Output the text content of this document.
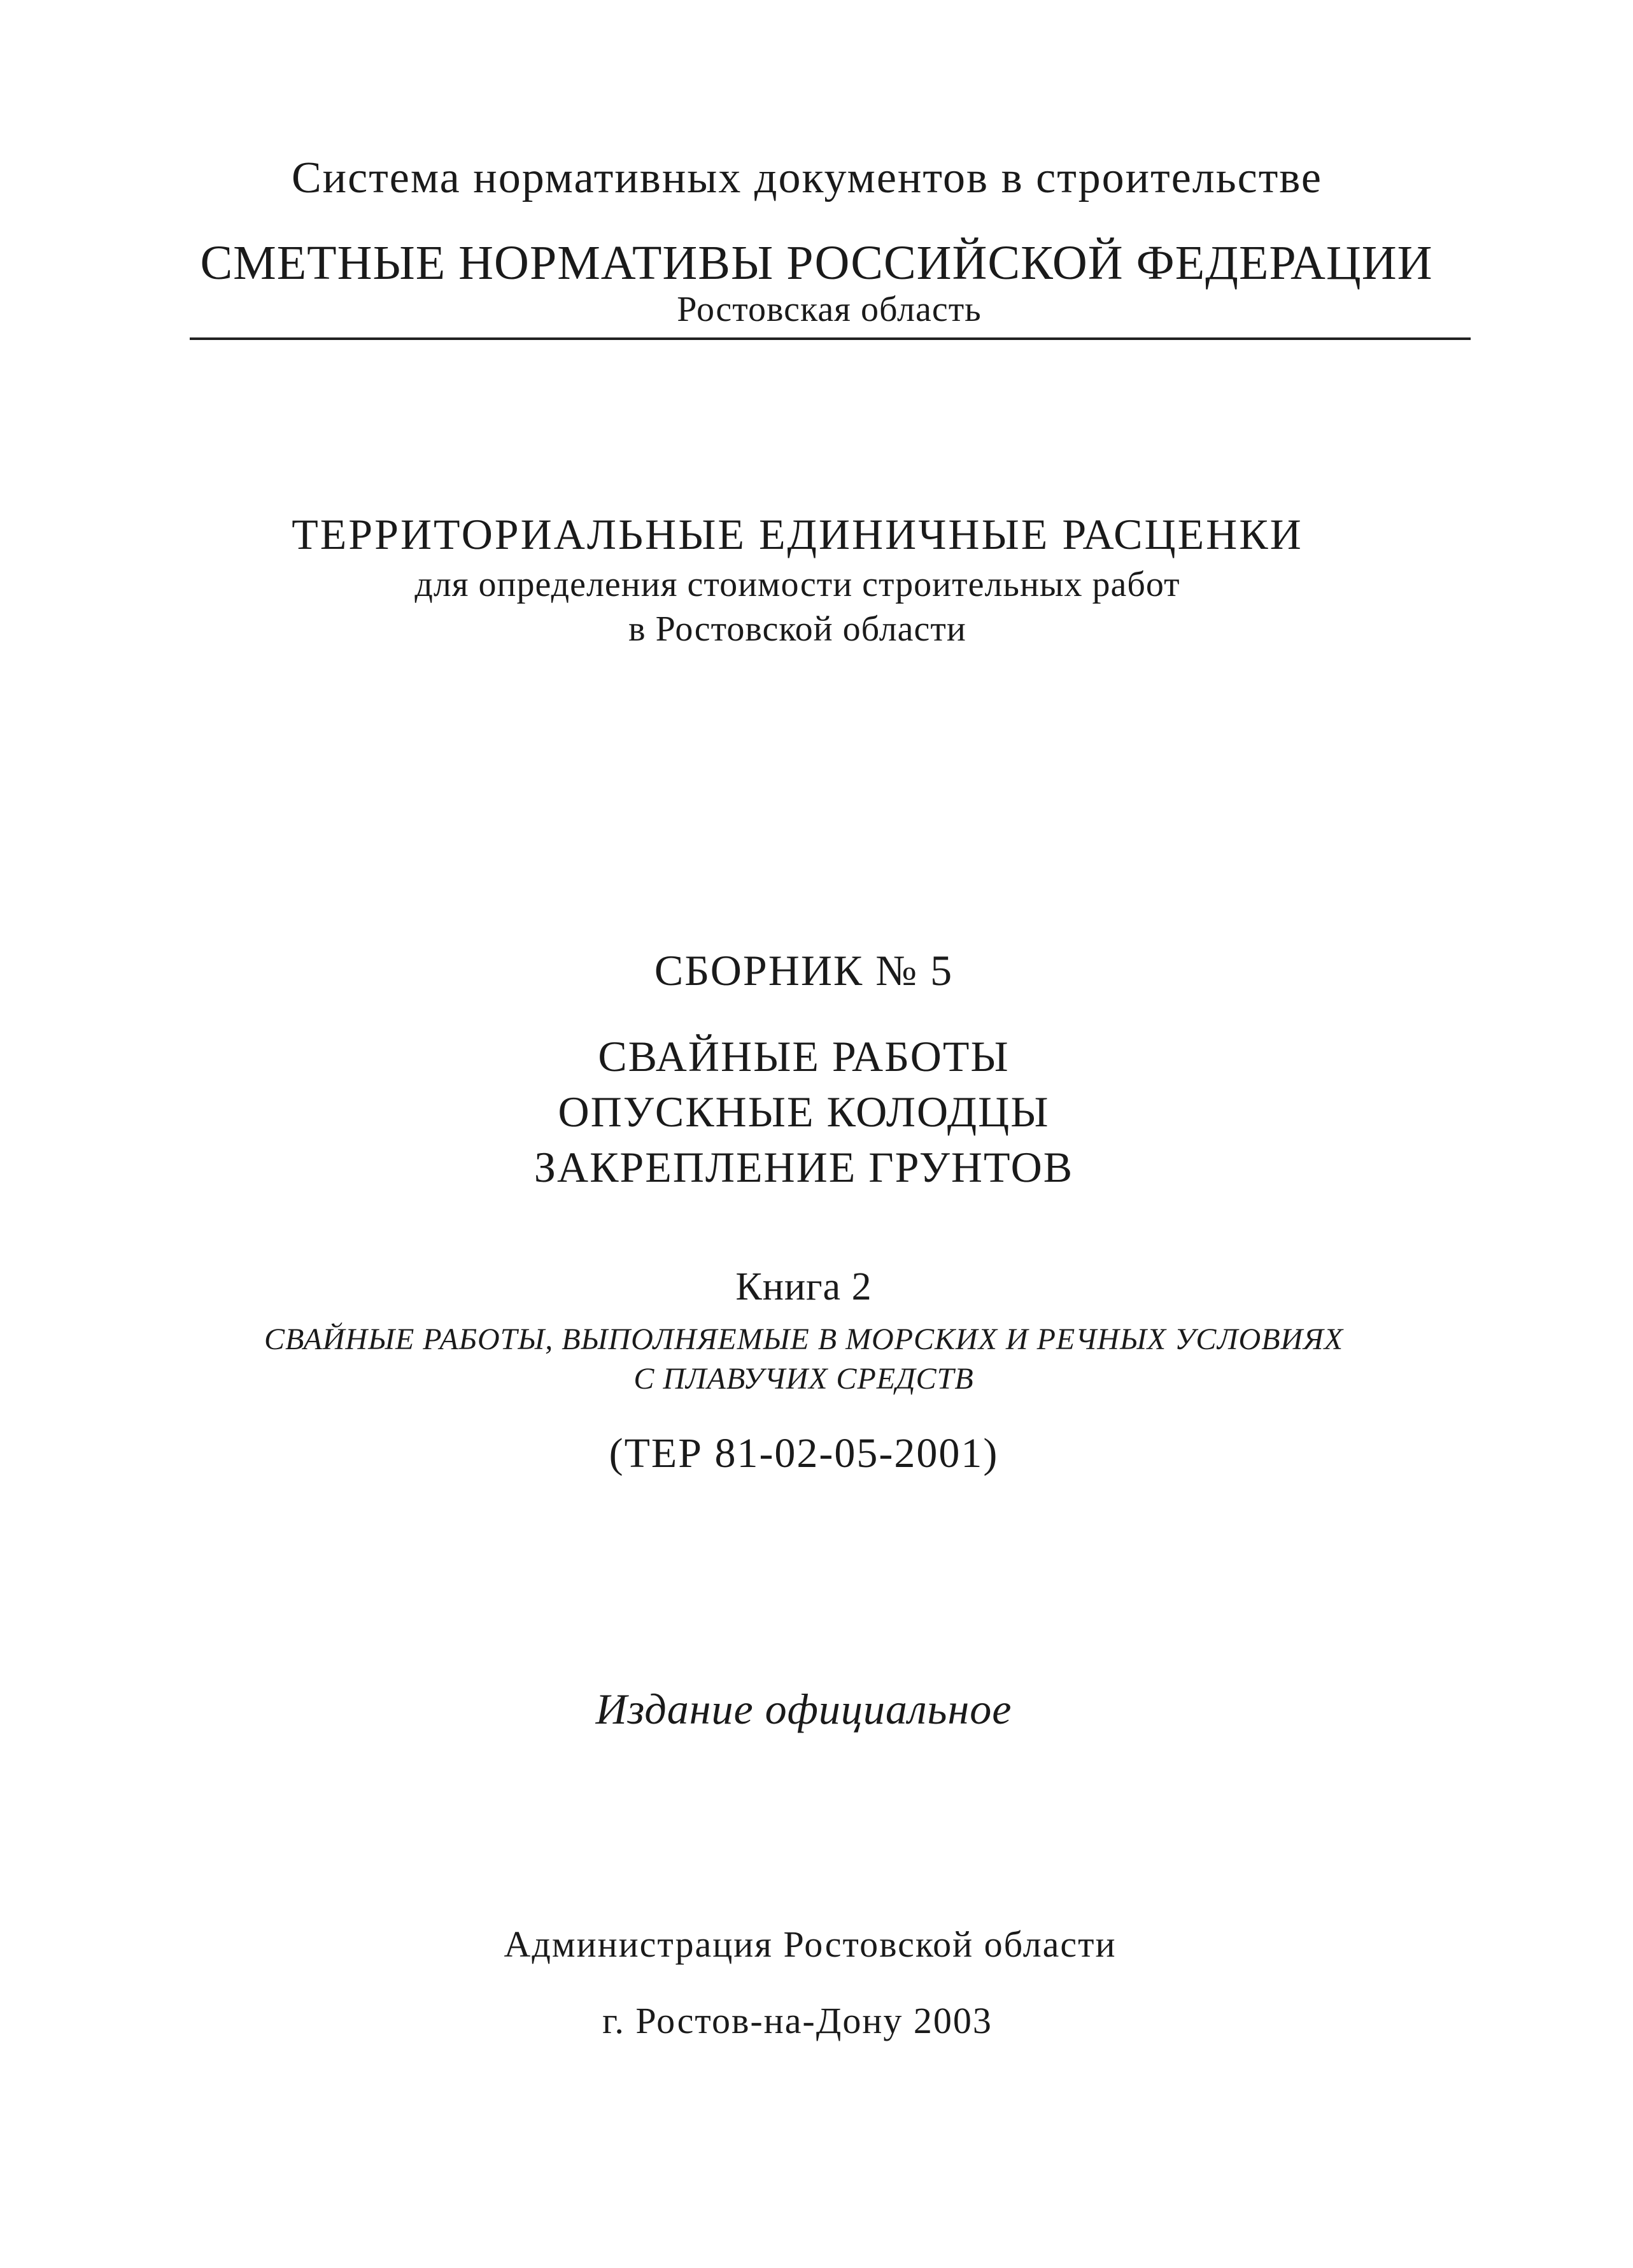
Система нормативных документов в строительстве
СМЕТНЫЕ НОРМАТИВЫ РОССИЙСКОЙ ФЕДЕРАЦИИ
Ростовская область
ТЕРРИТОРИАЛЬНЫЕ ЕДИНИЧНЫЕ РАСЦЕНКИ
для определения стоимости строительных работ
в Ростовской области
СБОРНИК № 5
СВАЙНЫЕ РАБОТЫ
ОПУСКНЫЕ КОЛОДЦЫ
ЗАКРЕПЛЕНИЕ ГРУНТОВ
Книга 2
СВАЙНЫЕ РАБОТЫ, ВЫПОЛНЯЕМЫЕ В МОРСКИХ И РЕЧНЫХ УСЛОВИЯХ
С ПЛАВУЧИХ СРЕДСТВ
(ТЕР 81-02-05-2001)
Издание официальное
Администрация Ростовской области
г. Ростов-на-Дону 2003
